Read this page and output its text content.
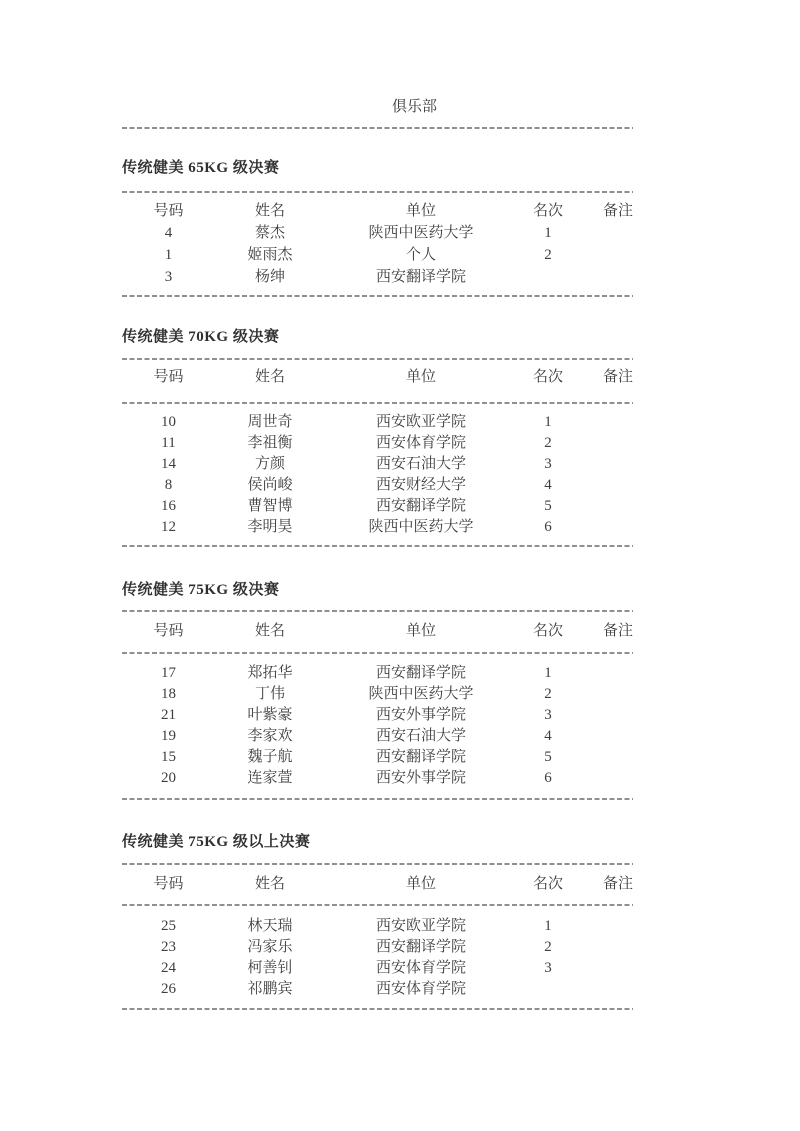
俱乐部
传统健美 65KG 级决赛
号码	姓名	单位	名次	备注
4	蔡杰	陕西中医药大学	1
1	姬雨杰	个人	2
3	杨绅	西安翻译学院
传统健美 70KG 级决赛
号码	姓名	单位	名次	备注
10	周世奇	西安欧亚学院	1
11	李祖衡	西安体育学院	2
14	方颜	西安石油大学	3
8	侯尚峻	西安财经大学	4
16	曹智博	西安翻译学院	5
12	李明昊	陕西中医药大学	6
传统健美 75KG 级决赛
号码	姓名	单位	名次	备注
17	郑拓华	西安翻译学院	1
18	丁伟	陕西中医药大学	2
21	叶紫豪	西安外事学院	3
19	李家欢	西安石油大学	4
15	魏子航	西安翻译学院	5
20	连家萱	西安外事学院	6
传统健美 75KG 级以上决赛
号码	姓名	单位	名次	备注
25	林天瑞	西安欧亚学院	1
23	冯家乐	西安翻译学院	2
24	柯善钊	西安体育学院	3
26	祁鹏宾	西安体育学院
